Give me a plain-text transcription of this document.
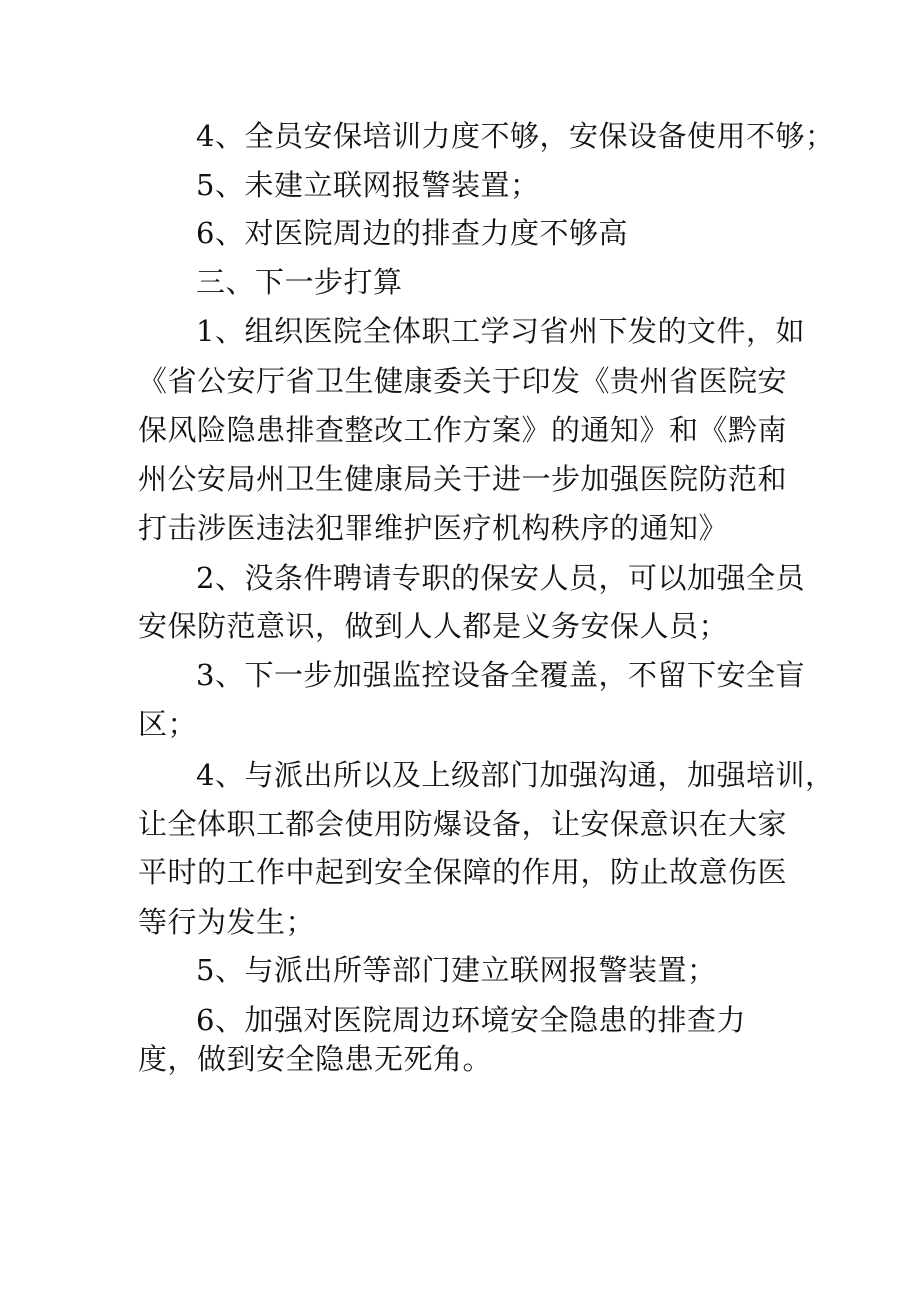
4、全员安保培训力度不够，安保设备使用不够；
5、未建立联网报警装置；
6、对医院周边的排查力度不够高
三、下一步打算
1、组织医院全体职工学习省州下发的文件，如
《省公安厅省卫生健康委关于印发《贵州省医院安
保风险隐患排查整改工作方案》的通知》和《黔南
州公安局州卫生健康局关于进一步加强医院防范和
打击涉医违法犯罪维护医疗机构秩序的通知》
2、没条件聘请专职的保安人员，可以加强全员
安保防范意识，做到人人都是义务安保人员；
3、下一步加强监控设备全覆盖，不留下安全盲
区；
4、与派出所以及上级部门加强沟通，加强培训，
让全体职工都会使用防爆设备，让安保意识在大家
平时的工作中起到安全保障的作用，防止故意伤医
等行为发生；
5、与派出所等部门建立联网报警装置；
6、加强对医院周边环境安全隐患的排查力
度，做到安全隐患无死角。
